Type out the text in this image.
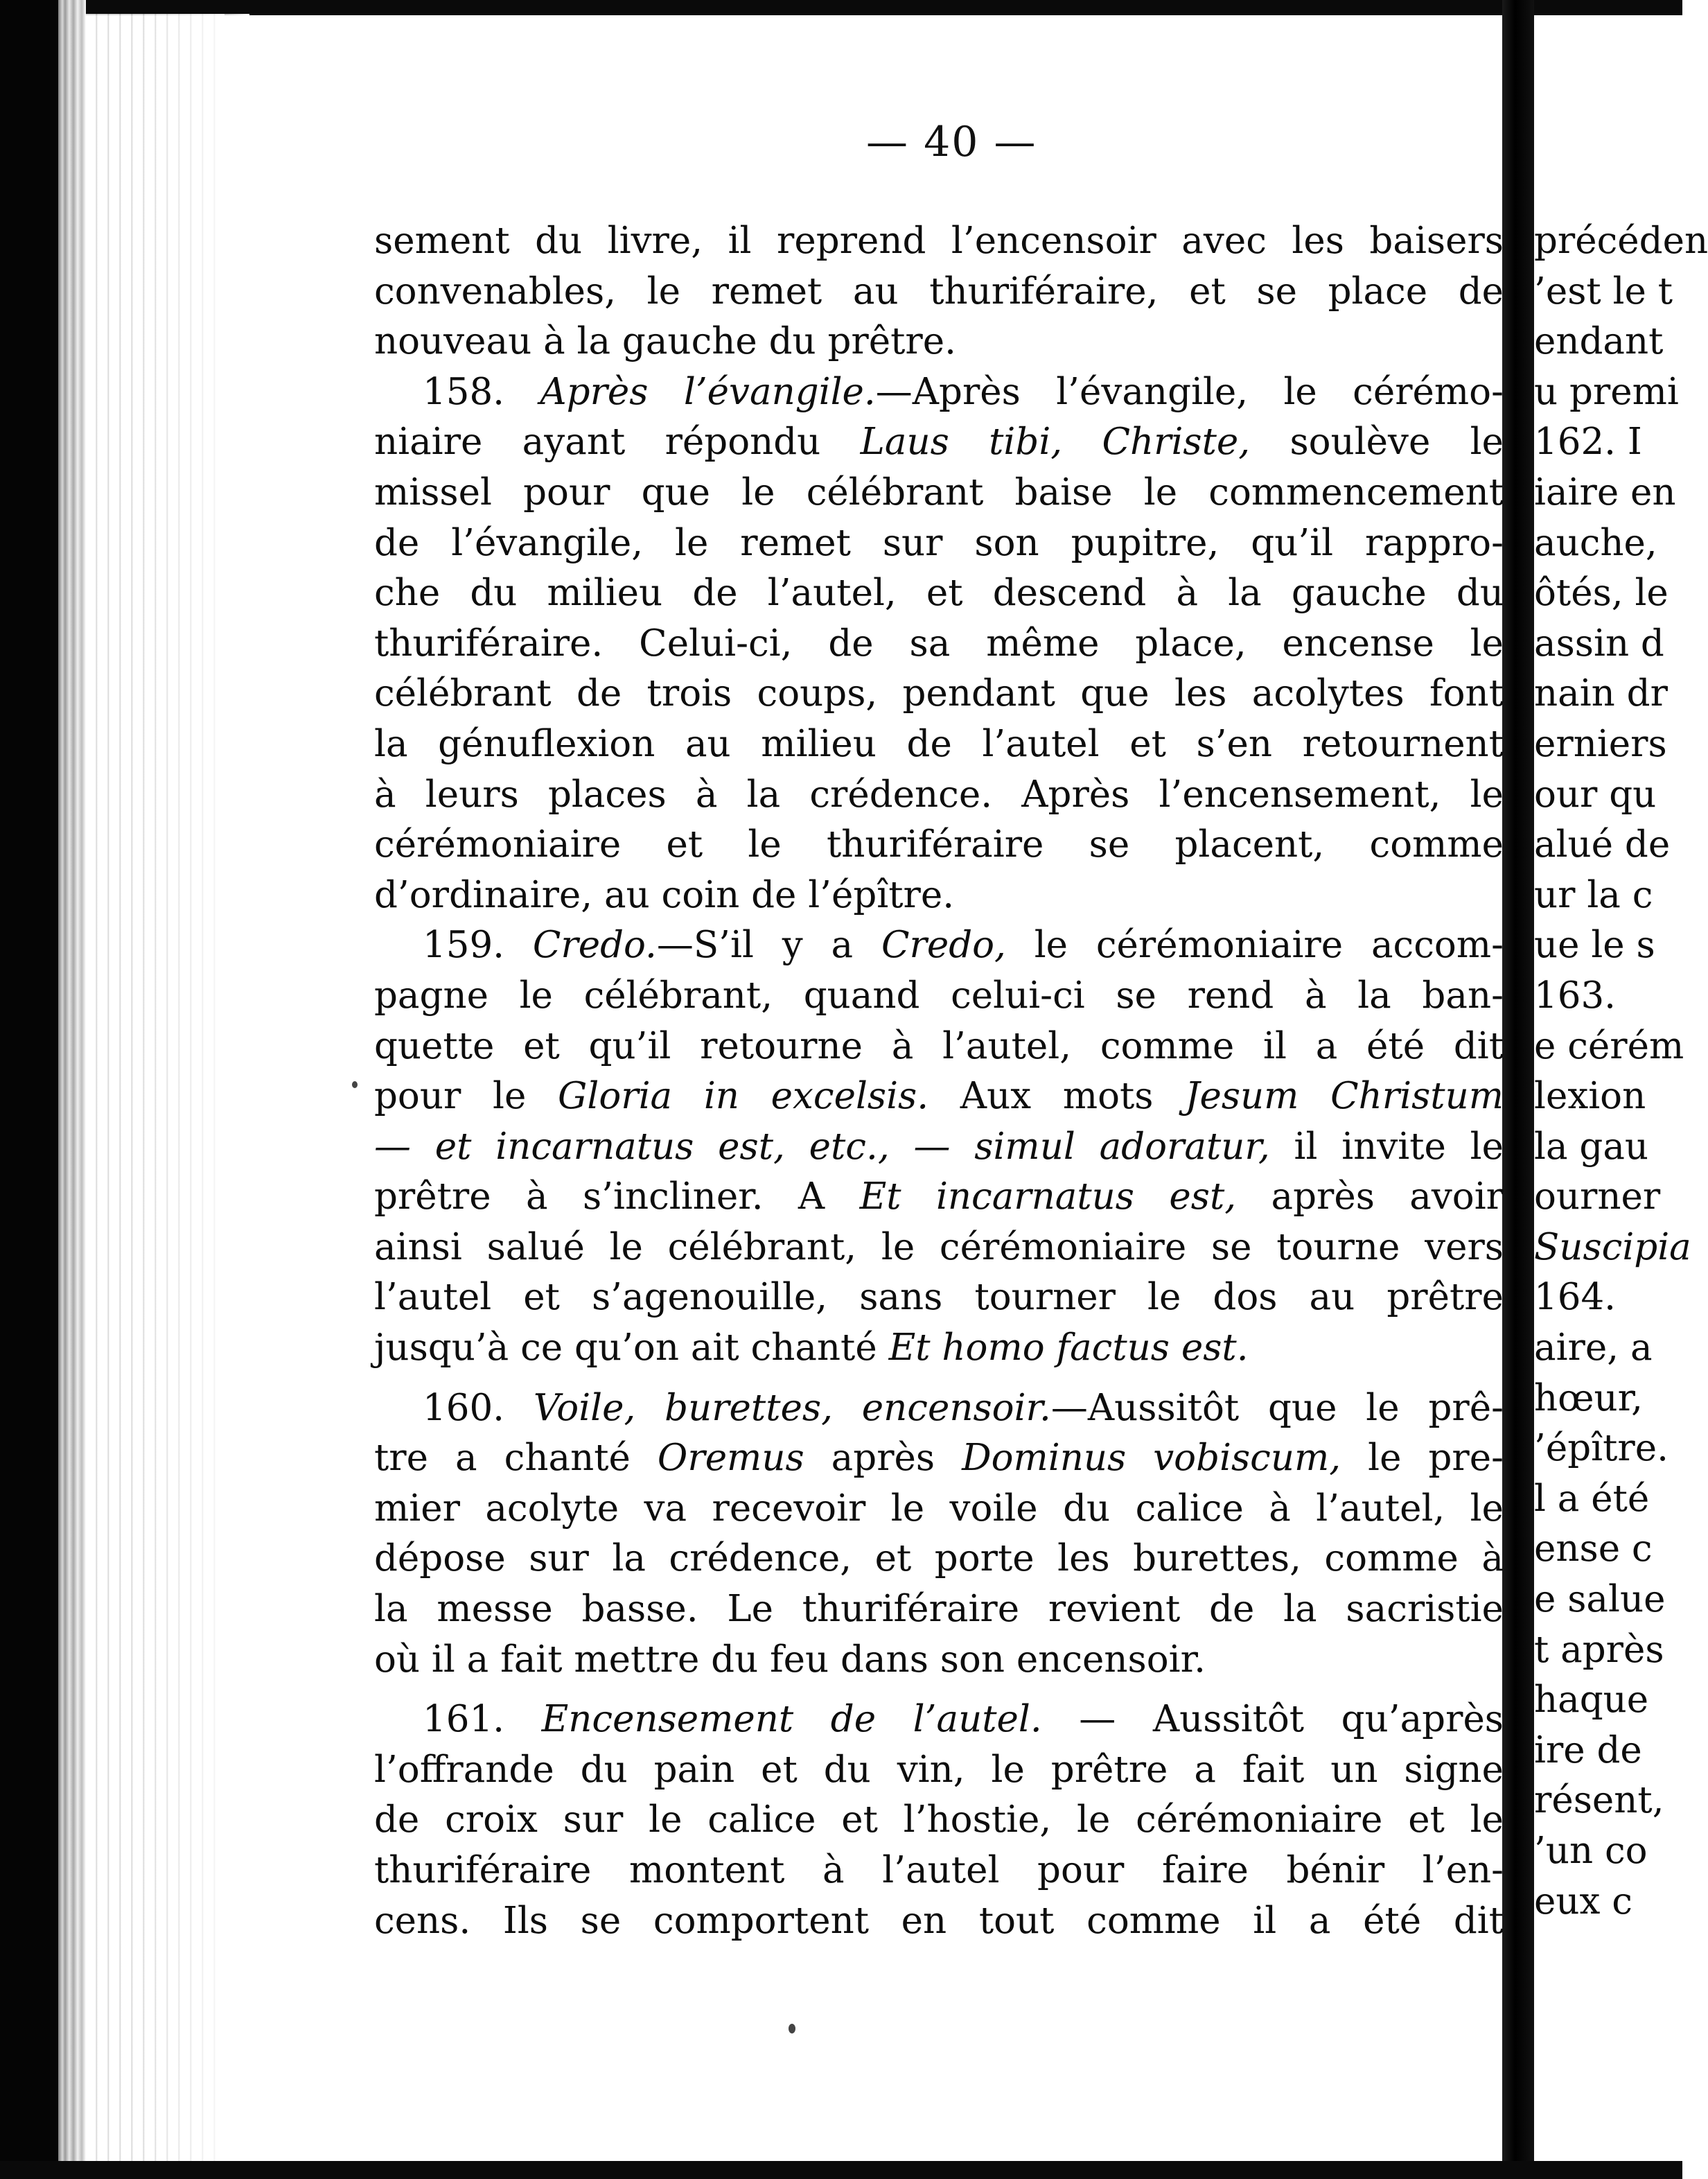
— 40 —
sement du livre, il reprend l’encensoir avec les baisers
convenables, le remet au thuriféraire, et se place de
nouveau à la gauche du prêtre.
158. Après l’évangile.—Après l’évangile, le cérémo-
niaire ayant répondu Laus tibi, Christe, soulève le
missel pour que le célébrant baise le commencement
de l’évangile, le remet sur son pupitre, qu’il rappro-
che du milieu de l’autel, et descend à la gauche du
thuriféraire. Celui-ci, de sa même place, encense le
célébrant de trois coups, pendant que les acolytes font
la génuflexion au milieu de l’autel et s’en retournent
à leurs places à la crédence. Après l’encensement, le
cérémoniaire et le thuriféraire se placent, comme
d’ordinaire, au coin de l’épître.
159. Credo.—S’il y a Credo, le cérémoniaire accom-
pagne le célébrant, quand celui-ci se rend à la ban-
quette et qu’il retourne à l’autel, comme il a été dit
pour le Gloria in excelsis. Aux mots Jesum Christum
— et incarnatus est, etc., — simul adoratur, il invite le
prêtre à s’incliner. A Et incarnatus est, après avoir
ainsi salué le célébrant, le cérémoniaire se tourne vers
l’autel et s’agenouille, sans tourner le dos au prêtre
jusqu’à ce qu’on ait chanté Et homo factus est.
160. Voile, burettes, encensoir.—Aussitôt que le prê-
tre a chanté Oremus après Dominus vobiscum, le pre-
mier acolyte va recevoir le voile du calice à l’autel, le
dépose sur la crédence, et porte les burettes, comme à
la messe basse. Le thuriféraire revient de la sacristie
où il a fait mettre du feu dans son encensoir.
161. Encensement de l’autel. — Aussitôt qu’après
l’offrande du pain et du vin, le prêtre a fait un signe
de croix sur le calice et l’hostie, le cérémoniaire et le
thuriféraire montent à l’autel pour faire bénir l’en-
cens. Ils se comportent en tout comme il a été dit
précéden
’est le t
endant
u premi
162. I
iaire en
auche,
ôtés, le
assin d
nain dr
erniers
our qu
alué de
ur la c
ue le s
163.
e cérém
lexion
la gau
ourner
Suscipia
164.
aire, a
hœur,
’épître.
l a été
ense c
e salue
t après
haque
ire de
résent,
’un co
eux c
